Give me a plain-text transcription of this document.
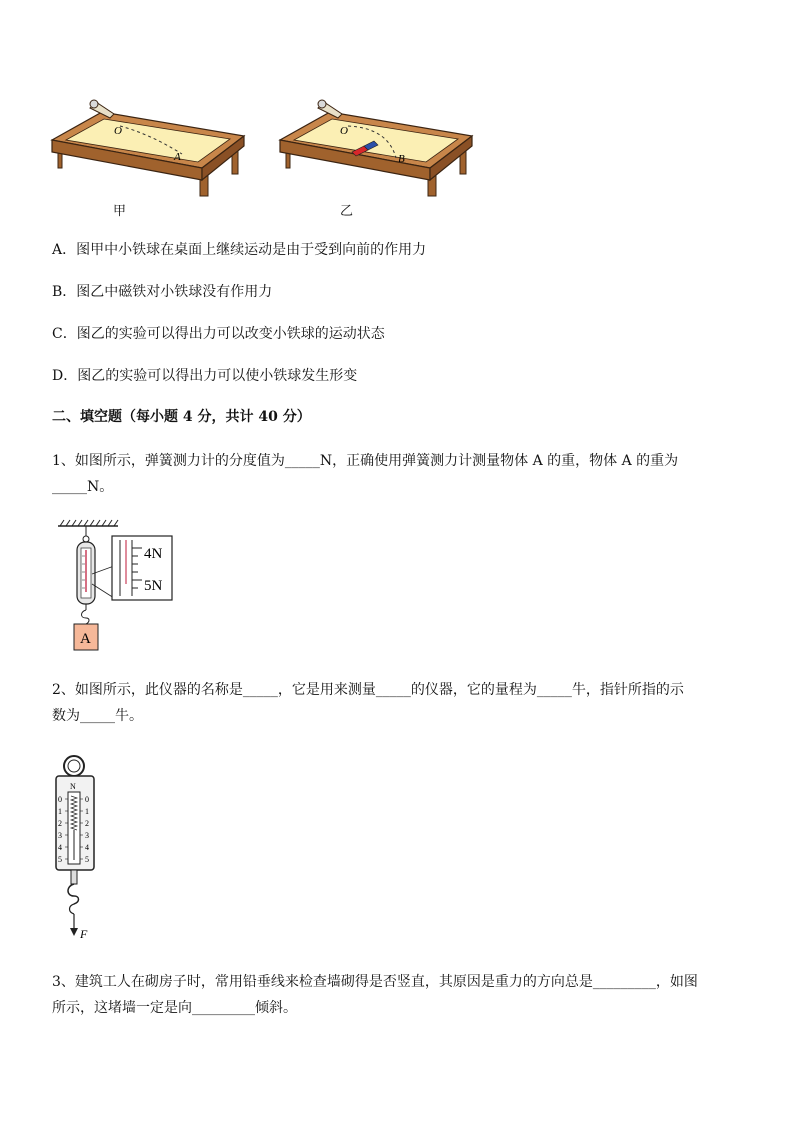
O
A
甲
O
B
乙
A．图甲中小铁球在桌面上继续运动是由于受到向前的作用力
B．图乙中磁铁对小铁球没有作用力
C．图乙的实验可以得出力可以改变小铁球的运动状态
D．图乙的实验可以得出力可以使小铁球发生形变
二、填空题（每小题 4 分，共计 40 分）
1、如图所示，弹簧测力计的分度值为_____N，正确使用弹簧测力计测量物体 A 的重，物体 A 的重为
_____N。
4N
5N
A
2、如图所示，此仪器的名称是_____，它是用来测量_____的仪器，它的量程为_____牛，指针所指的示
数为_____牛。
N
0
1
2
3
4
5
0
1
2
3
4
5
F
3、建筑工人在砌房子时，常用铅垂线来检查墙砌得是否竖直，其原因是重力的方向总是_________，如图
所示，这堵墙一定是向_________倾斜。
